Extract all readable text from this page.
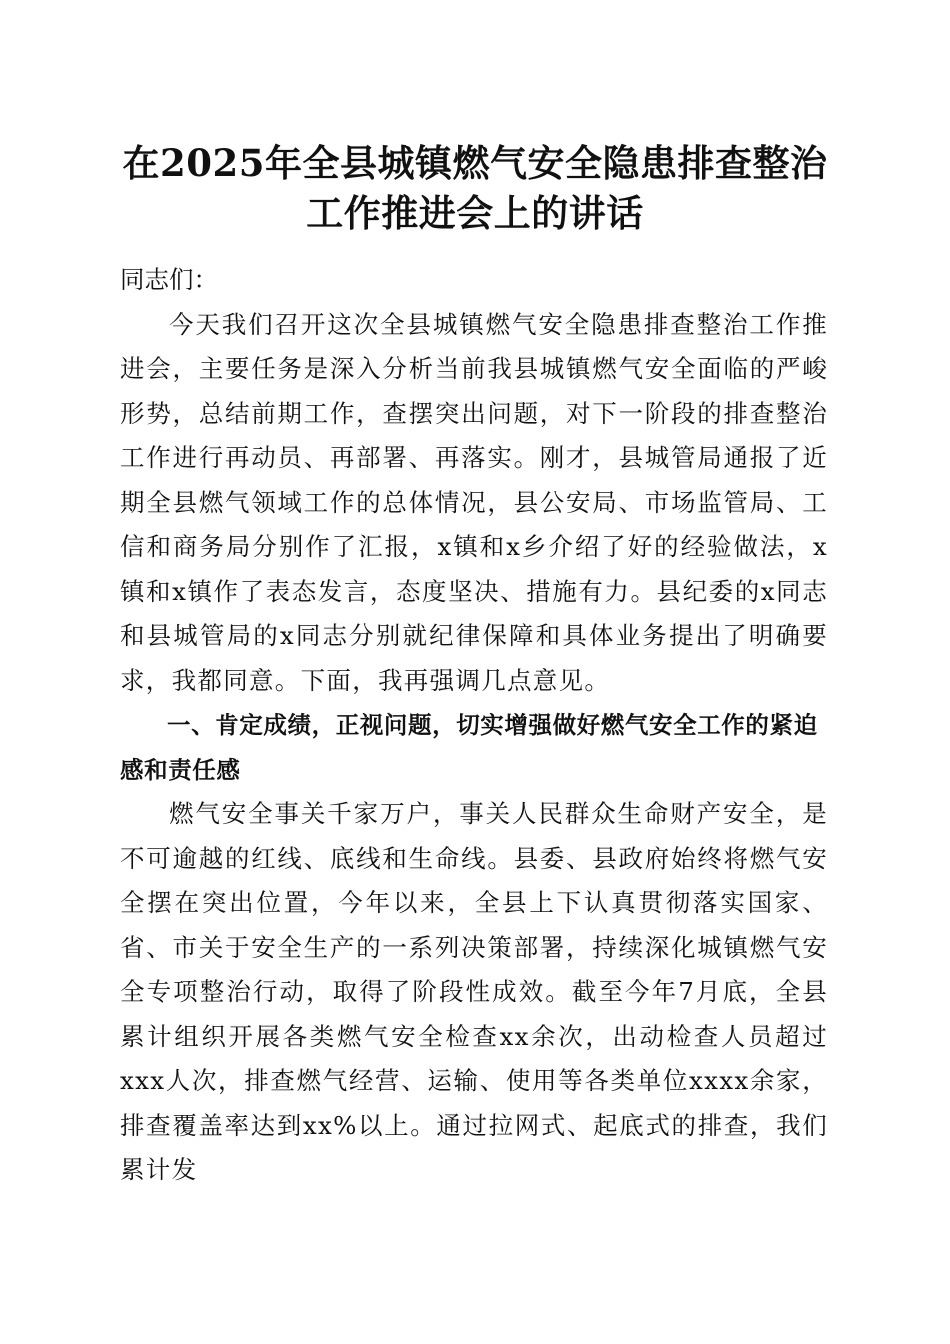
在2025年全县城镇燃气安全隐患排查整治工作推进会上的讲话

同志们：

今天我们召开这次全县城镇燃气安全隐患排查整治工作推进会，主要任务是深入分析当前我县城镇燃气安全面临的严峻形势，总结前期工作，查摆突出问题，对下一阶段的排查整治工作进行再动员、再部署、再落实。刚才，县城管局通报了近期全县燃气领域工作的总体情况，县公安局、市场监管局、工信和商务局分别作了汇报，x镇和x乡介绍了好的经验做法，x镇和x镇作了表态发言，态度坚决、措施有力。县纪委的x同志和县城管局的x同志分别就纪律保障和具体业务提出了明确要求，我都同意。下面，我再强调几点意见。

一、肯定成绩，正视问题，切实增强做好燃气安全工作的紧迫感和责任感

燃气安全事关千家万户，事关人民群众生命财产安全，是不可逾越的红线、底线和生命线。县委、县政府始终将燃气安全摆在突出位置，今年以来，全县上下认真贯彻落实国家、省、市关于安全生产的一系列决策部署，持续深化城镇燃气安全专项整治行动，取得了阶段性成效。截至今年7月底，全县累计组织开展各类燃气安全检查xx余次，出动检查人员超过xxx人次，排查燃气经营、运输、使用等各类单位xxxx余家，排查覆盖率达到xx%以上。通过拉网式、起底式的排查，我们累计发
